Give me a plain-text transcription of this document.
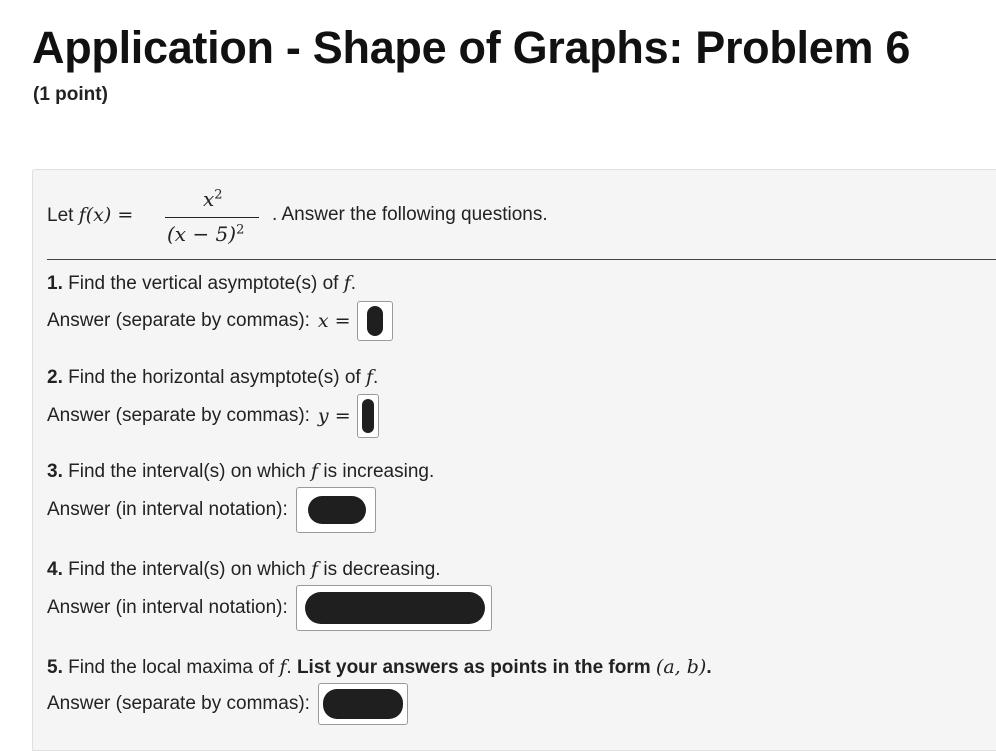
Application - Shape of Graphs: Problem 6
(1 point)
Let f(x) =
$x^2$
$(x - 5)^2$
. Answer the following questions.
1. Find the vertical asymptote(s) of f.
Answer (separate by commas): x =
2. Find the horizontal asymptote(s) of f.
Answer (separate by commas): y =
3. Find the interval(s) on which f is increasing.
Answer (in interval notation):
4. Find the interval(s) on which f is decreasing.
Answer (in interval notation):
5. Find the local maxima of f. List your answers as points in the form (a, b).
Answer (separate by commas):
